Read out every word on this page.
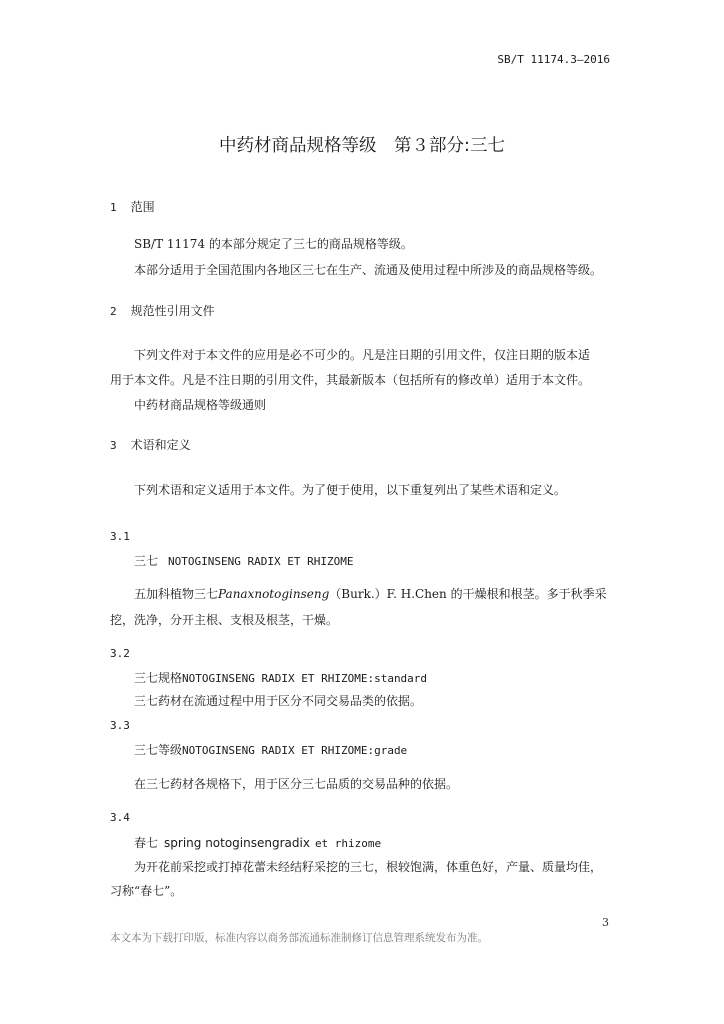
SB/T 11174.3—2016
中药材商品规格等级　第３部分:三七
1 范围
SB/T 11174 的本部分规定了三七的商品规格等级。
本部分适用于全国范围内各地区三七在生产、流通及使用过程中所涉及的商品规格等级。
2 规范性引用文件
下列文件对于本文件的应用是必不可少的。凡是注日期的引用文件，仅注日期的版本适
用于本文件。凡是不注日期的引用文件，其最新版本（包括所有的修改单）适用于本文件。
中药材商品规格等级通则
3 术语和定义
下列术语和定义适用于本文件。为了便于使用，以下重复列出了某些术语和定义。
3.1
三七 NOTOGINSENG RADIX ET RHIZOME
五加科植物三七Panaxnotoginseng（Burk.）F. H.Chen 的干燥根和根茎。多于秋季采
挖，洗净，分开主根、支根及根茎，干燥。
3.2
三七规格NOTOGINSENG RADIX ET RHIZOME:standard
三七药材在流通过程中用于区分不同交易品类的依据。
3.3
三七等级NOTOGINSENG RADIX ET RHIZOME:grade
在三七药材各规格下，用于区分三七品质的交易品种的依据。
3.4
春七 spring notoginsengradix et rhizome
为开花前采挖或打掉花蕾未经结籽采挖的三七，根较饱满，体重色好，产量、质量均佳，
习称“春七”。
3
本文本为下载打印版，标准内容以商务部流通标准制修订信息管理系统发布为准。
